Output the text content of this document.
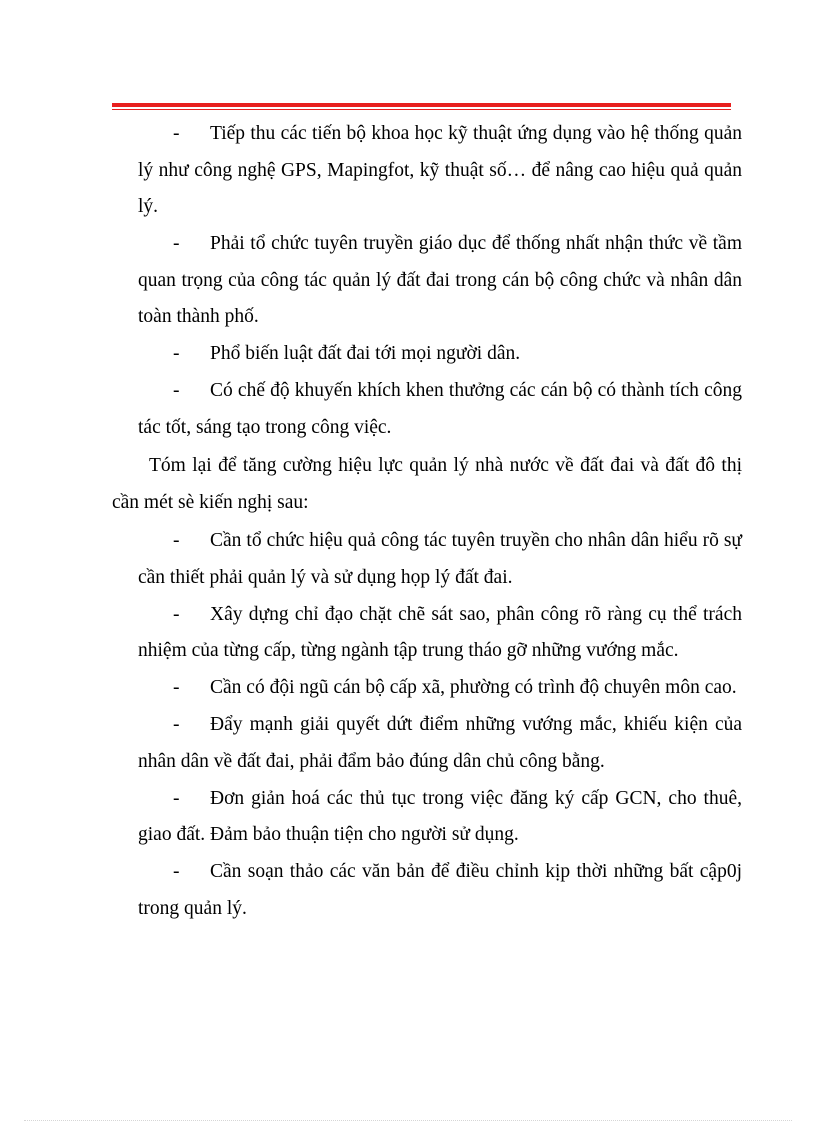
- Tiếp thu các tiến bộ khoa học kỹ thuật ứng dụng vào hệ thống quản lý như công nghệ GPS, Mapingfot, kỹ thuật số… để nâng cao hiệu quả quản lý.
- Phải tổ chức tuyên truyền giáo dục để thống nhất nhận thức về tầm quan trọng của công tác quản lý đất đai trong cán bộ công chức và nhân dân toàn thành phố.
- Phổ biến luật đất đai tới mọi người dân.
- Có chế độ khuyến khích khen thưởng các cán bộ có thành tích công tác tốt, sáng tạo trong công việc.

Tóm lại để tăng cường hiệu lực quản lý nhà nước về đất đai và đất đô thị cần mét sè kiến nghị sau:

- Cần tổ chức hiệu quả công tác tuyên truyền cho nhân dân hiểu rõ sự cần thiết phải quản lý và sử dụng họp lý đất đai.
- Xây dựng chỉ đạo chặt chẽ sát sao, phân công rõ ràng cụ thể trách nhiệm của từng cấp, từng ngành tập trung tháo gỡ những vướng mắc.
- Cần có đội ngũ cán bộ cấp xã, phường có trình độ chuyên môn cao.
- Đẩy mạnh giải quyết dứt điểm những vướng mắc, khiếu kiện của nhân dân về đất đai, phải đẩm bảo đúng dân chủ công bằng.
- Đơn giản hoá các thủ tục trong việc đăng ký cấp GCN, cho thuê, giao đất. Đảm bảo thuận tiện cho người sử dụng.
- Cần soạn thảo các văn bản để điều chỉnh kịp thời những bất cập0j trong quản lý.
